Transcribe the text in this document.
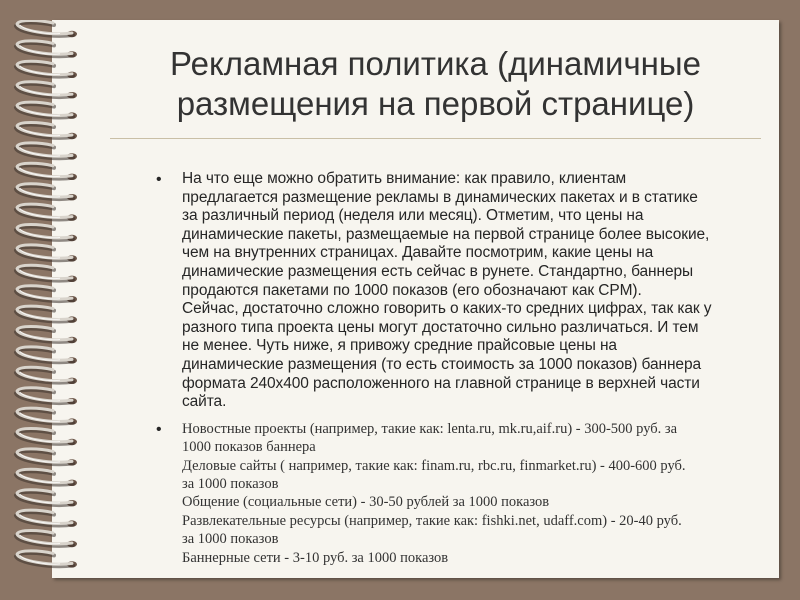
Рекламная политика (динамичные размещения на первой странице)
• На что еще можно обратить внимание: как правило, клиентам
предлагается размещение рекламы в динамических пакетах и в статике
за различный период (неделя или месяц). Отметим, что цены на
динамические пакеты, размещаемые на первой странице более высокие,
чем на внутренних страницах. Давайте посмотрим, какие цены на
динамические размещения есть сейчас в рунете. Стандартно, баннеры
продаются пакетами по 1000 показов (его обозначают как CPM).
Сейчас, достаточно сложно говорить о каких-то средних цифрах, так как у
разного типа проекта цены могут достаточно сильно различаться. И тем
не менее. Чуть ниже, я привожу средние прайсовые цены на
динамические размещения (то есть стоимость за 1000 показов) баннера
формата 240x400 расположенного на главной странице в верхней части
сайта.
• Новостные проекты (например, такие как: lenta.ru, mk.ru,aif.ru) - 300-500 руб. за
1000 показов баннера
Деловые сайты ( например, такие как: finam.ru, rbc.ru, finmarket.ru) - 400-600 руб.
за 1000 показов
Общение (социальные сети) - 30-50 рублей за 1000 показов
Развлекательные ресурсы (например, такие как: fishki.net, udaff.com) - 20-40 руб.
за 1000 показов
Баннерные сети - 3-10 руб. за 1000 показов
